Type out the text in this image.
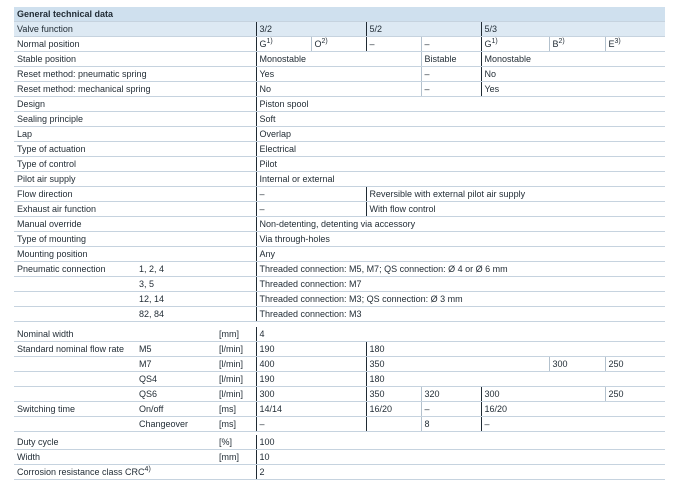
General technical data									
Valve function			3/2		5/2		5/3		
Normal position			$G^{1)}$	$O^{2)}$	–	–	$G^{1)}$	$B^{2)}$	$E^{3)}$
Stable position			Monostable			Bistable	Monostable		
Reset method: pneumatic spring			Yes			–	No		
Reset method: mechanical spring			No			–	Yes		
Design			Piston spool						
Sealing principle			Soft						
Lap			Overlap						
Type of actuation			Electrical						
Type of control			Pilot						
Pilot air supply			Internal or external						
Flow direction			–		Reversible with external pilot air supply				
Exhaust air function			–		With flow control				
Manual override			Non-detenting, detenting via accessory						
Type of mounting			Via through-holes						
Mounting position			Any						
Pneumatic connection	1, 2, 4		Threaded connection: M5, M7; QS connection: Ø 4 or Ø 6 mm						
	3, 5		Threaded connection: M7						
	12, 14		Threaded connection: M3; QS connection: Ø 3 mm						
	82, 84		Threaded connection: M3						

Nominal width		[mm]	4						
Standard nominal flow rate	M5	[l/min]	190		180				
	M7	[l/min]	400		350			300	250
	QS4	[l/min]	190		180				
	QS6	[l/min]	300		350	320	300		250
Switching time	On/off	[ms]	14/14		16/20	–	16/20		
	Changeover	[ms]	–			8	–		

Duty cycle		[%]	100						
Width		[mm]	10						
Corrosion resistance class CRC$^{4)}$			2						
